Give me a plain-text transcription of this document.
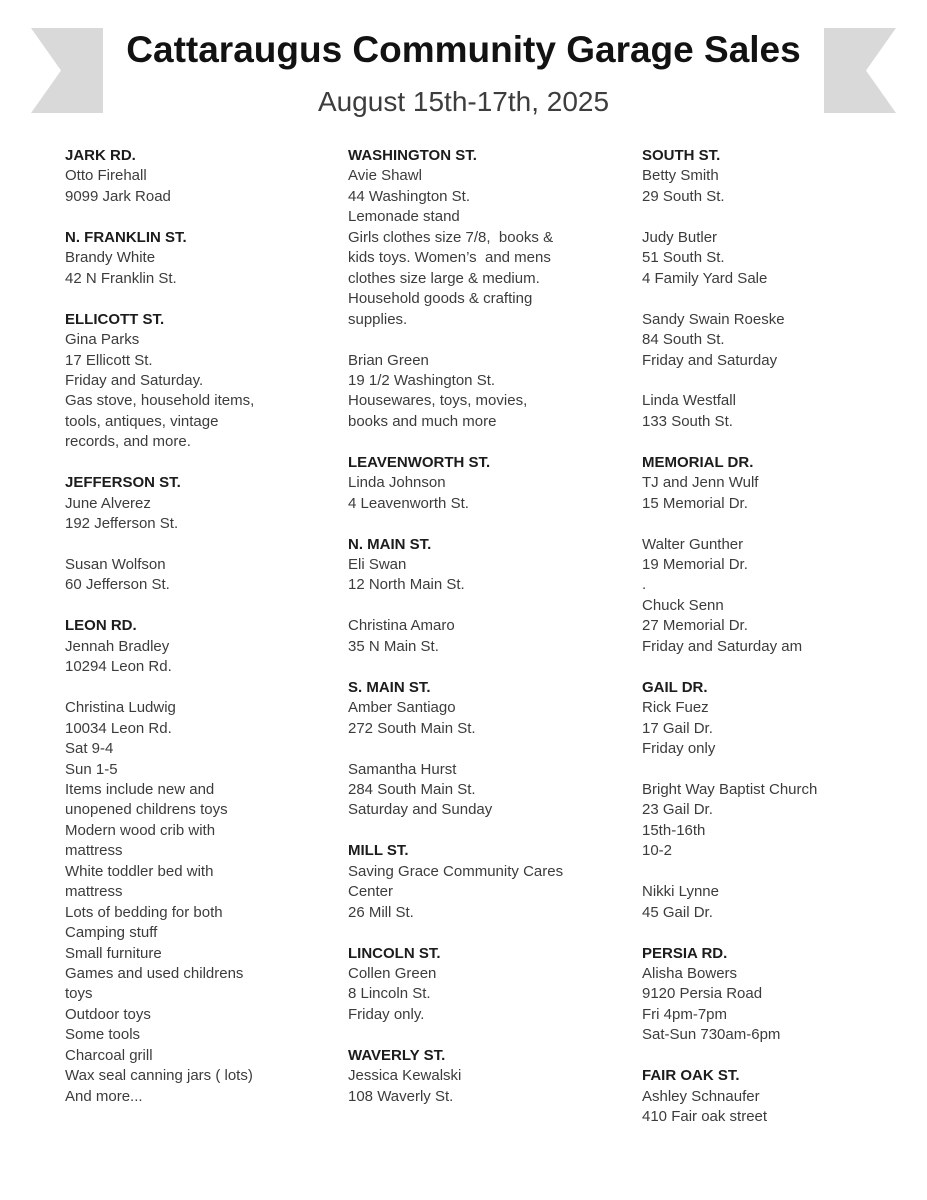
Cattaraugus Community Garage Sales
August 15th-17th, 2025
JARK RD.
Otto Firehall
9099 Jark Road
N. FRANKLIN ST.
Brandy White
42 N Franklin St.
ELLICOTT ST.
Gina Parks
17 Ellicott St.
Friday and Saturday.
Gas stove, household items,
tools, antiques, vintage
records, and more.
JEFFERSON ST.
June Alverez
192 Jefferson St.
Susan Wolfson
60 Jefferson St.
LEON RD.
Jennah Bradley
10294 Leon Rd.
Christina Ludwig
10034 Leon Rd.
Sat 9-4
Sun 1-5
Items include new and
unopened childrens toys
Modern wood crib with
mattress
White toddler bed with
mattress
Lots of bedding for both
Camping stuff
Small furniture
Games and used childrens
toys
Outdoor toys
Some tools
Charcoal grill
Wax seal canning jars ( lots)
And more...
WASHINGTON ST.
Avie Shawl
44 Washington St.
Lemonade stand
Girls clothes size 7/8,  books &
kids toys. Women’s  and mens
clothes size large & medium.
Household goods & crafting
supplies.
Brian Green
19 1/2 Washington St.
Housewares, toys, movies,
books and much more
LEAVENWORTH ST.
Linda Johnson
4 Leavenworth St.
N. MAIN ST.
Eli Swan
12 North Main St.
Christina Amaro
35 N Main St.
S. MAIN ST.
Amber Santiago
272 South Main St.
Samantha Hurst
284 South Main St.
Saturday and Sunday
MILL ST.
Saving Grace Community Cares
Center
26 Mill St.
LINCOLN ST.
Collen Green
8 Lincoln St.
Friday only.
WAVERLY ST.
Jessica Kewalski
108 Waverly St.
SOUTH ST.
Betty Smith
29 South St.
Judy Butler
51 South St.
4 Family Yard Sale
Sandy Swain Roeske
84 South St.
Friday and Saturday
Linda Westfall
133 South St.
MEMORIAL DR.
TJ and Jenn Wulf
15 Memorial Dr.
Walter Gunther
19 Memorial Dr.
.
Chuck Senn
27 Memorial Dr.
Friday and Saturday am
GAIL DR.
Rick Fuez
17 Gail Dr.
Friday only
Bright Way Baptist Church
23 Gail Dr.
15th-16th
10-2
Nikki Lynne
45 Gail Dr.
PERSIA RD.
Alisha Bowers
9120 Persia Road
Fri 4pm-7pm
Sat-Sun 730am-6pm
FAIR OAK ST.
Ashley Schnaufer
410 Fair oak street
